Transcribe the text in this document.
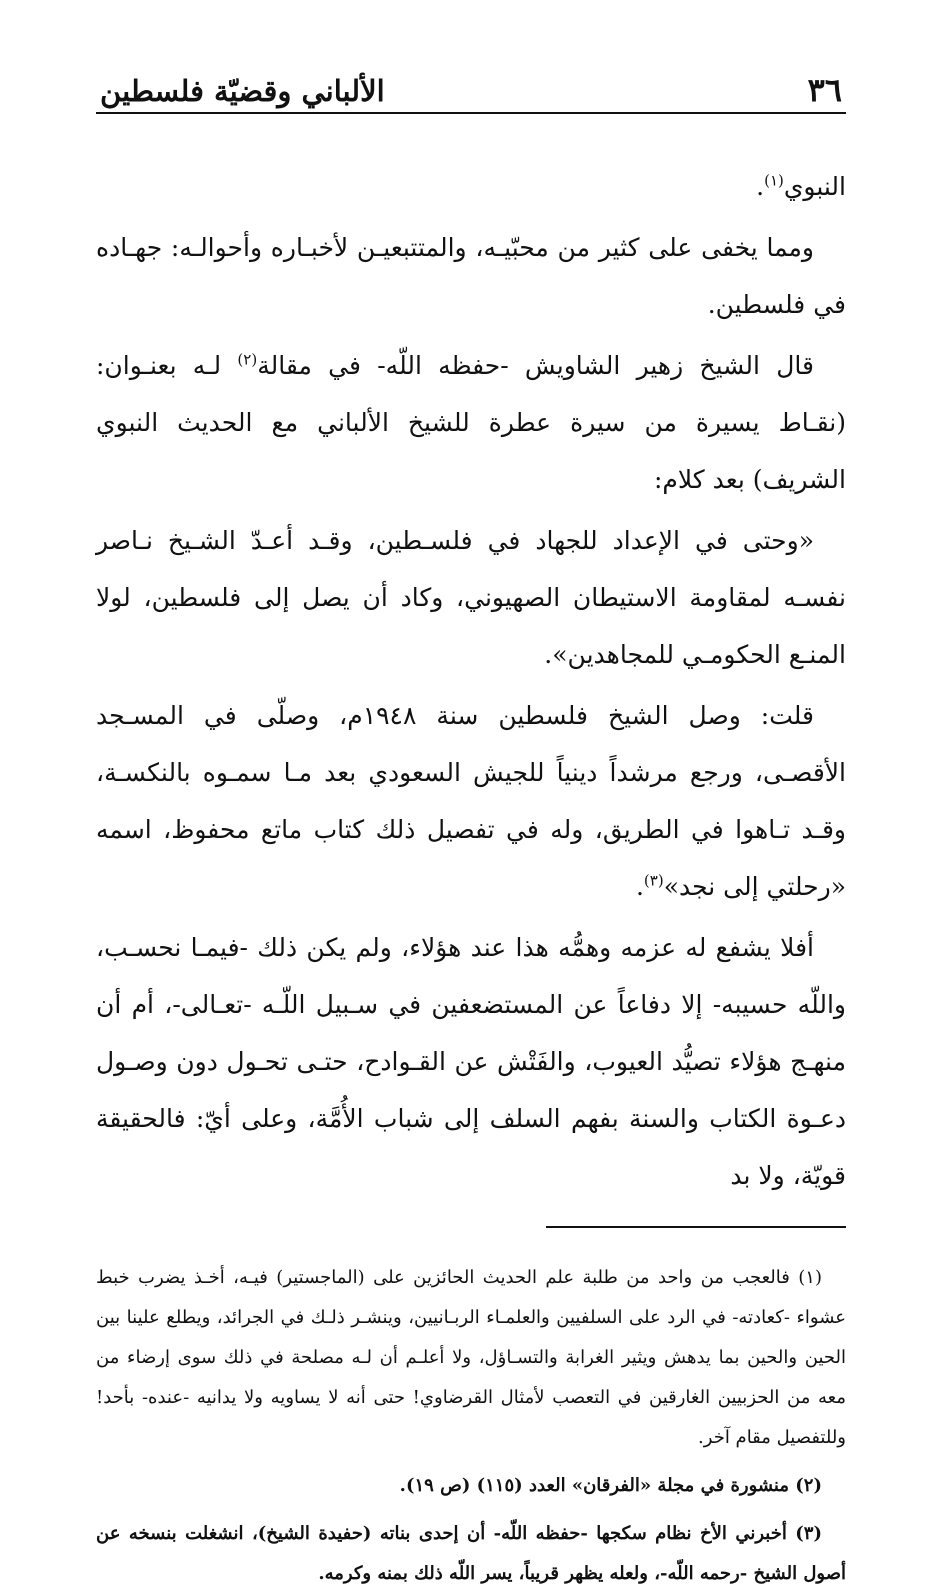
٣٦
الألباني وقضيّة فلسطين

النبوي$^{(١)}$.

ومما يخفى على كثير من محبّيـه، والمتتبعيـن لأخبـاره وأحوالـه: جهـاده في فلسطين.

قال الشيخ زهير الشاويش -حفظه اللّه- في مقالة$^{(٢)}$ لـه بعنـوان: (نقـاط يسيرة من سيرة عطرة للشيخ الألباني مع الحديث النبوي الشريف) بعد كلام:

«وحتى في الإعداد للجهاد في فلسـطين، وقـد أعـدّ الشـيخ نـاصر نفسـه لمقاومة الاستيطان الصهيوني، وكاد أن يصل إلى فلسطين، لولا المنـع الحكومـي للمجاهدين».

قلت: وصل الشيخ فلسطين سنة ١٩٤٨م، وصلّى في المسـجد الأقصـى، ورجع مرشداً دينياً للجيش السعودي بعد مـا سمـوه بالنكسـة، وقـد تـاهوا في الطريق، وله في تفصيل ذلك كتاب ماتع محفوظ، اسمه «رحلتي إلى نجد»$^{(٣)}$.

أفلا يشفع له عزمه وهمُّه هذا عند هؤلاء، ولم يكن ذلك -فيمـا نحسـب، واللّه حسيبه- إلا دفاعاً عن المستضعفين في سـبيل اللّـه -تعـالى-، أم أن منهـج هؤلاء تصيُّد العيوب، والفَتْش عن القـوادح، حتـى تحـول دون وصـول دعـوة الكتاب والسنة بفهم السلف إلى شباب الأُمَّة، وعلى أيّ: فالحقيقة قويّة، ولا بد

(١) فالعجب من واحد من طلبة علم الحديث الحائزين على (الماجستير) فيـه، أخـذ يضرب خبط عشواء -كعادته- في الرد على السلفيين والعلمـاء الربـانيين، وينشـر ذلـك في الجرائد، ويطلع علينا بين الحين والحين بما يدهش ويثير الغرابة والتسـاؤل، ولا أعلـم أن لـه مصلحة في ذلك سوى إرضاء من معه من الحزبيين الغارقين في التعصب لأمثال القرضاوي! حتى أنه لا يساويه ولا يدانيه -عنده- بأحد! وللتفصيل مقام آخر.

(٢) منشورة في مجلة «الفرقان» العدد (١١٥) (ص ١٩).

(٣) أخبرني الأخ نظام سكجها -حفظه اللّه- أن إحدى بناته (حفيدة الشيخ)، انشغلت بنسخه عن أصول الشيخ -رحمه اللّه-، ولعله يظهر قريباً، يسر اللّه ذلك بمنه وكرمه.
